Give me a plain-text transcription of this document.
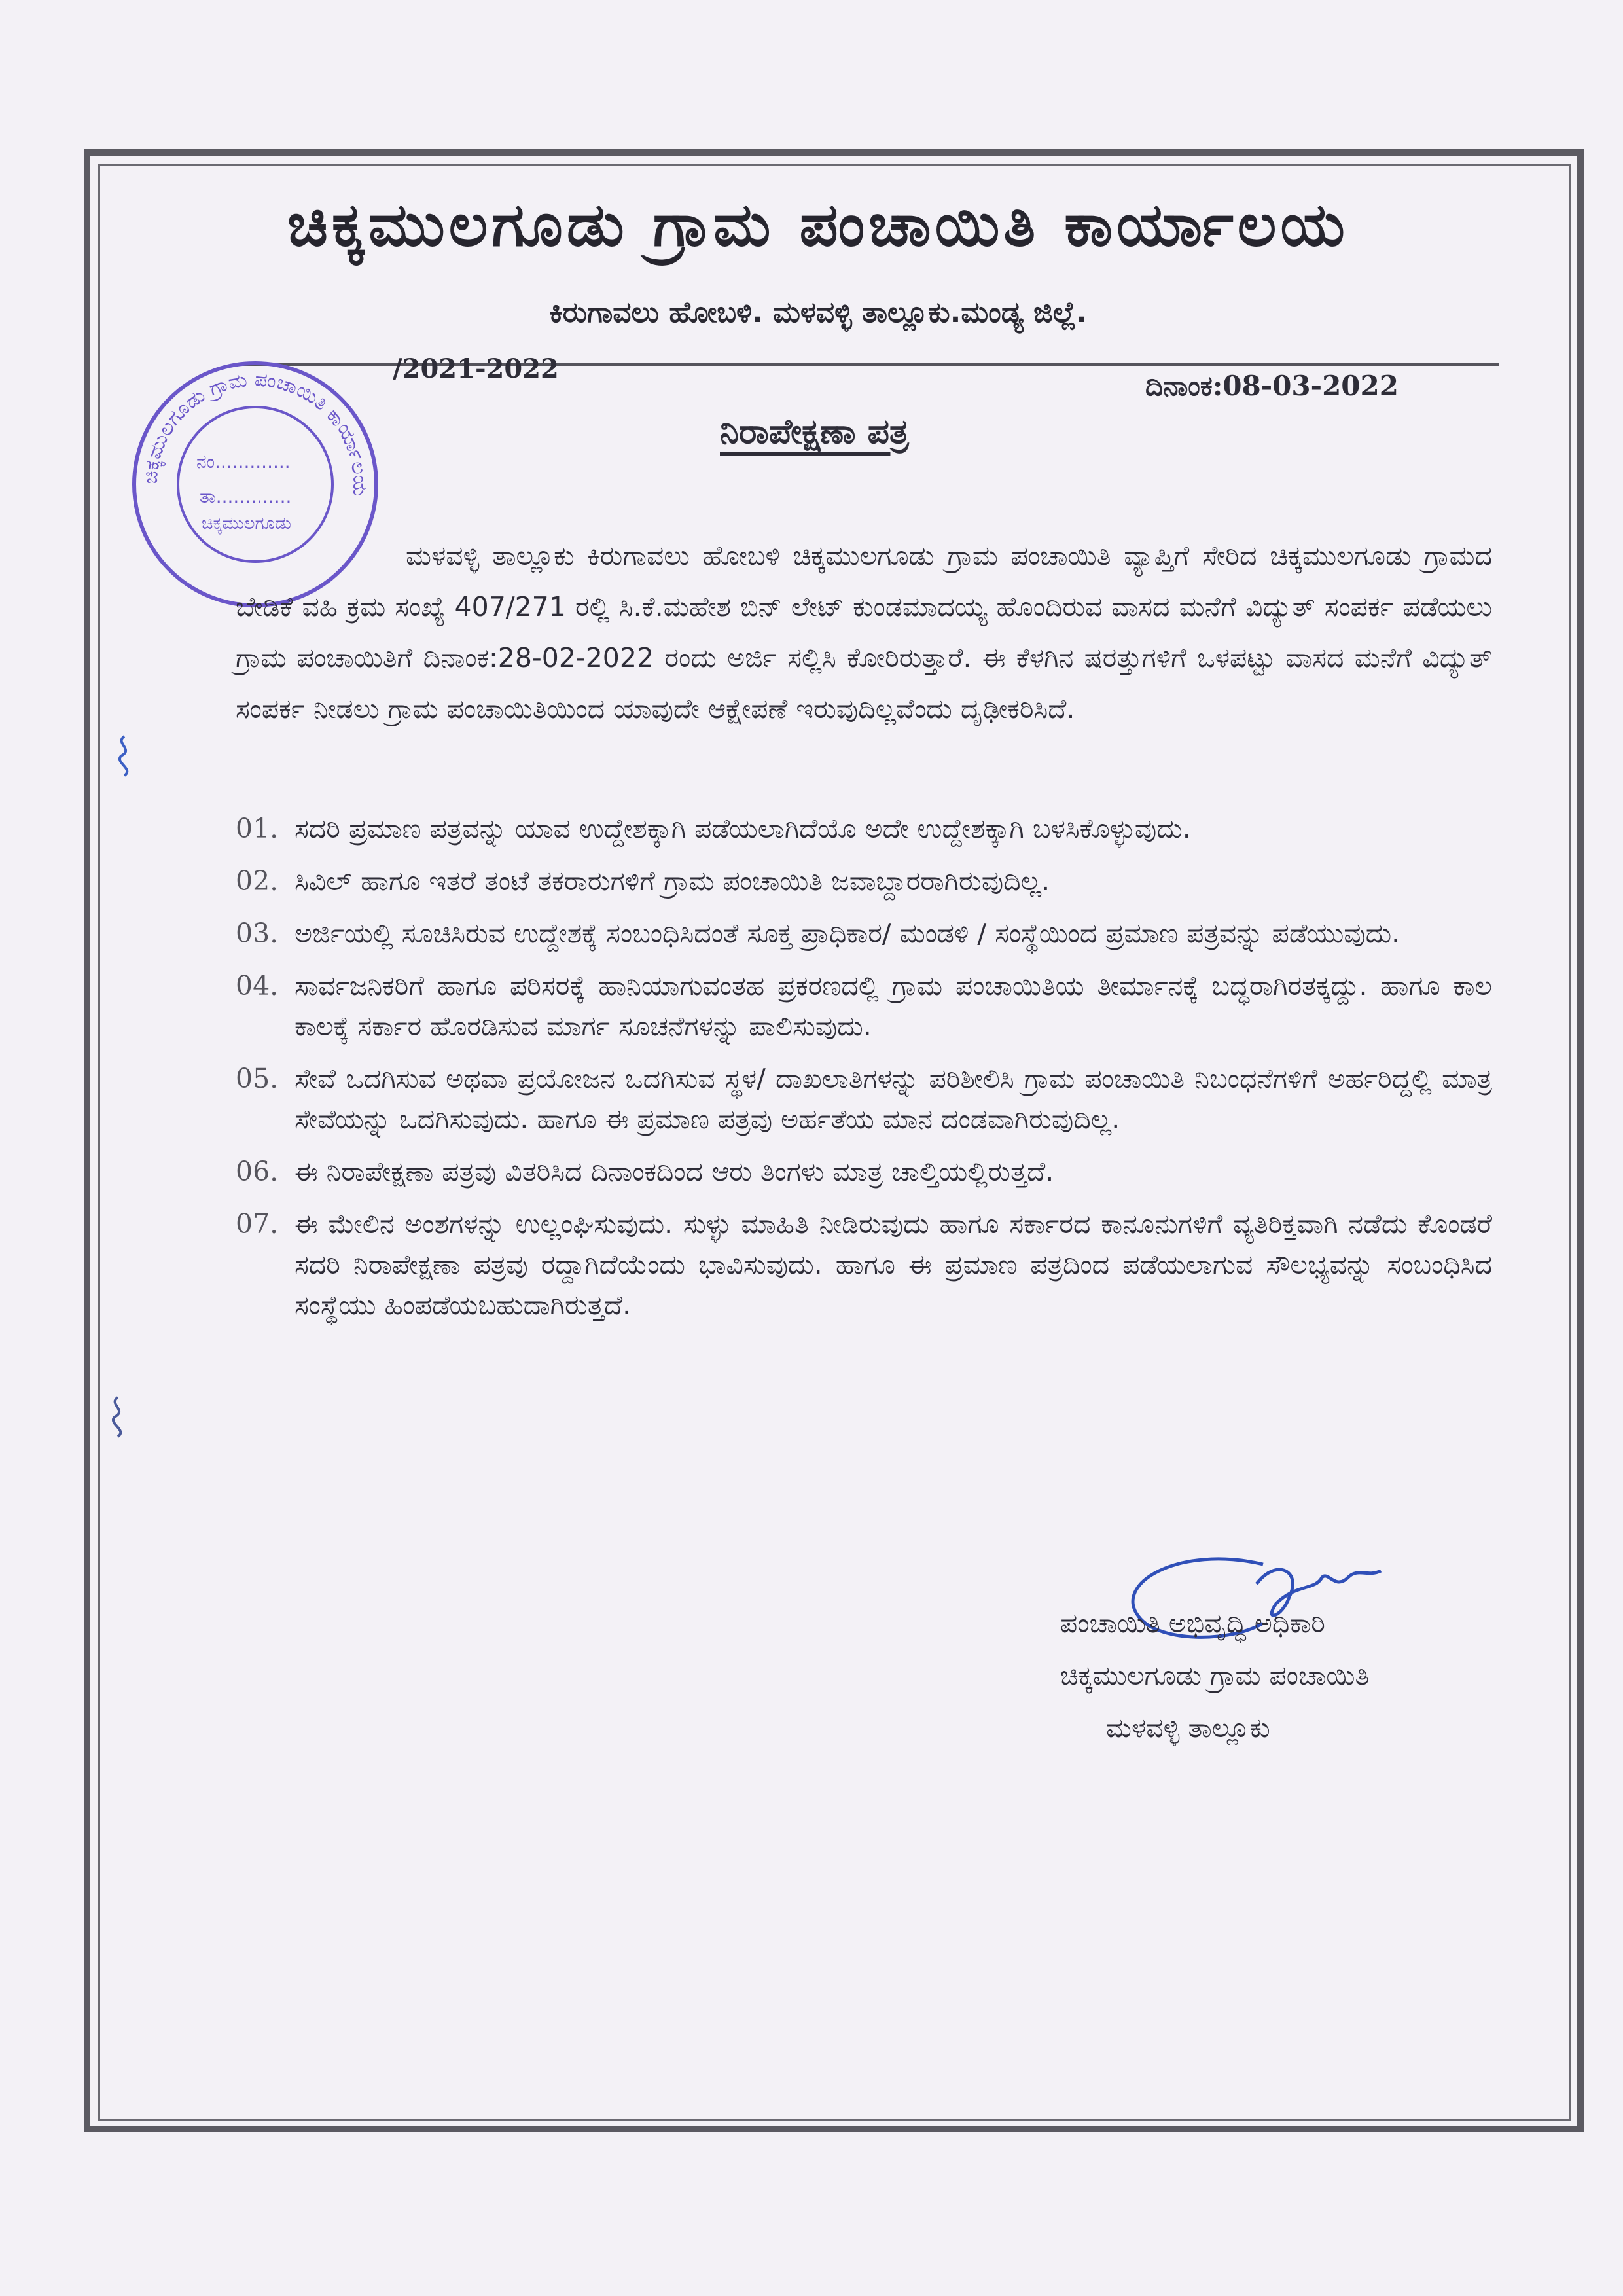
ಚಿಕ್ಕಮುಲಗೂಡು ಗ್ರಾಮ ಪಂಚಾಯಿತಿ ಕಾರ್ಯಾಲಯ
ಕಿರುಗಾವಲು ಹೋಬಳಿ. ಮಳವಳ್ಳಿ ತಾಲ್ಲೂಕು.ಮಂಡ್ಯ ಜಿಲ್ಲೆ.
/2021-2022
ದಿನಾಂಕ:08-03-2022
ನಿರಾಪೇಕ್ಷಣಾ ಪತ್ರ
ಚಿಕ್ಕಮುಲಗೂಡು ಗ್ರಾಮ ಪಂಚಾಯಿತಿ ಕಾರ್ಯಾಲಯ
ನಂ.............
ತಾ.............
ಚಿಕ್ಕಮುಲಗೂಡು
ಮಳವಳ್ಳಿ ತಾಲ್ಲೂಕು ಕಿರುಗಾವಲು ಹೋಬಳಿ ಚಿಕ್ಕಮುಲಗೂಡು ಗ್ರಾಮ ಪಂಚಾಯಿತಿ ವ್ಯಾಪ್ತಿಗೆ ಸೇರಿದ ಚಿಕ್ಕಮುಲಗೂಡು ಗ್ರಾಮದ ಬೇಡಿಕೆ ವಹಿ ಕ್ರಮ ಸಂಖ್ಯೆ 407/271 ರಲ್ಲಿ ಸಿ.ಕೆ.ಮಹೇಶ ಬಿನ್ ಲೇಟ್ ಕುಂಡಮಾದಯ್ಯ ಹೊಂದಿರುವ ವಾಸದ ಮನೆಗೆ ವಿದ್ಯುತ್ ಸಂಪರ್ಕ ಪಡೆಯಲು ಗ್ರಾಮ ಪಂಚಾಯಿತಿಗೆ ದಿನಾಂಕ:28-02-2022 ರಂದು ಅರ್ಜಿ ಸಲ್ಲಿಸಿ ಕೋರಿರುತ್ತಾರೆ. ಈ ಕೆಳಗಿನ ಷರತ್ತುಗಳಿಗೆ ಒಳಪಟ್ಟು ವಾಸದ ಮನೆಗೆ ವಿದ್ಯುತ್ ಸಂಪರ್ಕ ನೀಡಲು ಗ್ರಾಮ ಪಂಚಾಯಿತಿಯಿಂದ ಯಾವುದೇ ಆಕ್ಷೇಪಣೆ ಇರುವುದಿಲ್ಲವೆಂದು ದೃಢೀಕರಿಸಿದೆ.
01. ಸದರಿ ಪ್ರಮಾಣ ಪತ್ರವನ್ನು ಯಾವ ಉದ್ದೇಶಕ್ಕಾಗಿ ಪಡೆಯಲಾಗಿದೆಯೊ ಅದೇ ಉದ್ದೇಶಕ್ಕಾಗಿ ಬಳಸಿಕೊಳ್ಳುವುದು.
02. ಸಿವಿಲ್ ಹಾಗೂ ಇತರೆ ತಂಟೆ ತಕರಾರುಗಳಿಗೆ ಗ್ರಾಮ ಪಂಚಾಯಿತಿ ಜವಾಬ್ದಾರರಾಗಿರುವುದಿಲ್ಲ.
03. ಅರ್ಜಿಯಲ್ಲಿ ಸೂಚಿಸಿರುವ ಉದ್ದೇಶಕ್ಕೆ ಸಂಬಂಧಿಸಿದಂತೆ ಸೂಕ್ತ ಪ್ರಾಧಿಕಾರ/ ಮಂಡಳಿ / ಸಂಸ್ಥೆಯಿಂದ ಪ್ರಮಾಣ ಪತ್ರವನ್ನು ಪಡೆಯುವುದು.
04. ಸಾರ್ವಜನಿಕರಿಗೆ ಹಾಗೂ ಪರಿಸರಕ್ಕೆ ಹಾನಿಯಾಗುವಂತಹ ಪ್ರಕರಣದಲ್ಲಿ ಗ್ರಾಮ ಪಂಚಾಯಿತಿಯ ತೀರ್ಮಾನಕ್ಕೆ ಬದ್ಧರಾಗಿರತಕ್ಕದ್ದು. ಹಾಗೂ ಕಾಲ ಕಾಲಕ್ಕೆ ಸರ್ಕಾರ ಹೊರಡಿಸುವ ಮಾರ್ಗ ಸೂಚನೆಗಳನ್ನು ಪಾಲಿಸುವುದು.
05. ಸೇವೆ ಒದಗಿಸುವ ಅಥವಾ ಪ್ರಯೋಜನ ಒದಗಿಸುವ ಸ್ಥಳ/ ದಾಖಲಾತಿಗಳನ್ನು ಪರಿಶೀಲಿಸಿ ಗ್ರಾಮ ಪಂಚಾಯಿತಿ ನಿಬಂಧನೆಗಳಿಗೆ ಅರ್ಹರಿದ್ದಲ್ಲಿ ಮಾತ್ರ ಸೇವೆಯನ್ನು ಒದಗಿಸುವುದು. ಹಾಗೂ ಈ ಪ್ರಮಾಣ ಪತ್ರವು ಅರ್ಹತೆಯ ಮಾನ ದಂಡವಾಗಿರುವುದಿಲ್ಲ.
06. ಈ ನಿರಾಪೇಕ್ಷಣಾ ಪತ್ರವು ವಿತರಿಸಿದ ದಿನಾಂಕದಿಂದ ಆರು ತಿಂಗಳು ಮಾತ್ರ ಚಾಲ್ತಿಯಲ್ಲಿರುತ್ತದೆ.
07. ಈ ಮೇಲಿನ ಅಂಶಗಳನ್ನು ಉಲ್ಲಂಘಿಸುವುದು. ಸುಳ್ಳು ಮಾಹಿತಿ ನೀಡಿರುವುದು ಹಾಗೂ ಸರ್ಕಾರದ ಕಾನೂನುಗಳಿಗೆ ವ್ಯತಿರಿಕ್ತವಾಗಿ ನಡೆದು ಕೊಂಡರೆ ಸದರಿ ನಿರಾಪೇಕ್ಷಣಾ ಪತ್ರವು ರದ್ದಾಗಿದೆಯೆಂದು ಭಾವಿಸುವುದು. ಹಾಗೂ ಈ ಪ್ರಮಾಣ ಪತ್ರದಿಂದ ಪಡೆಯಲಾಗುವ ಸೌಲಭ್ಯವನ್ನು ಸಂಬಂಧಿಸಿದ ಸಂಸ್ಥೆಯು ಹಿಂಪಡೆಯಬಹುದಾಗಿರುತ್ತದೆ.
ಪಂಚಾಯಿತಿ ಅಭಿವೃದ್ಧಿ ಅಧಿಕಾರಿ
ಚಿಕ್ಕಮುಲಗೂಡು ಗ್ರಾಮ ಪಂಚಾಯಿತಿ
ಮಳವಳ್ಳಿ ತಾಲ್ಲೂಕು
